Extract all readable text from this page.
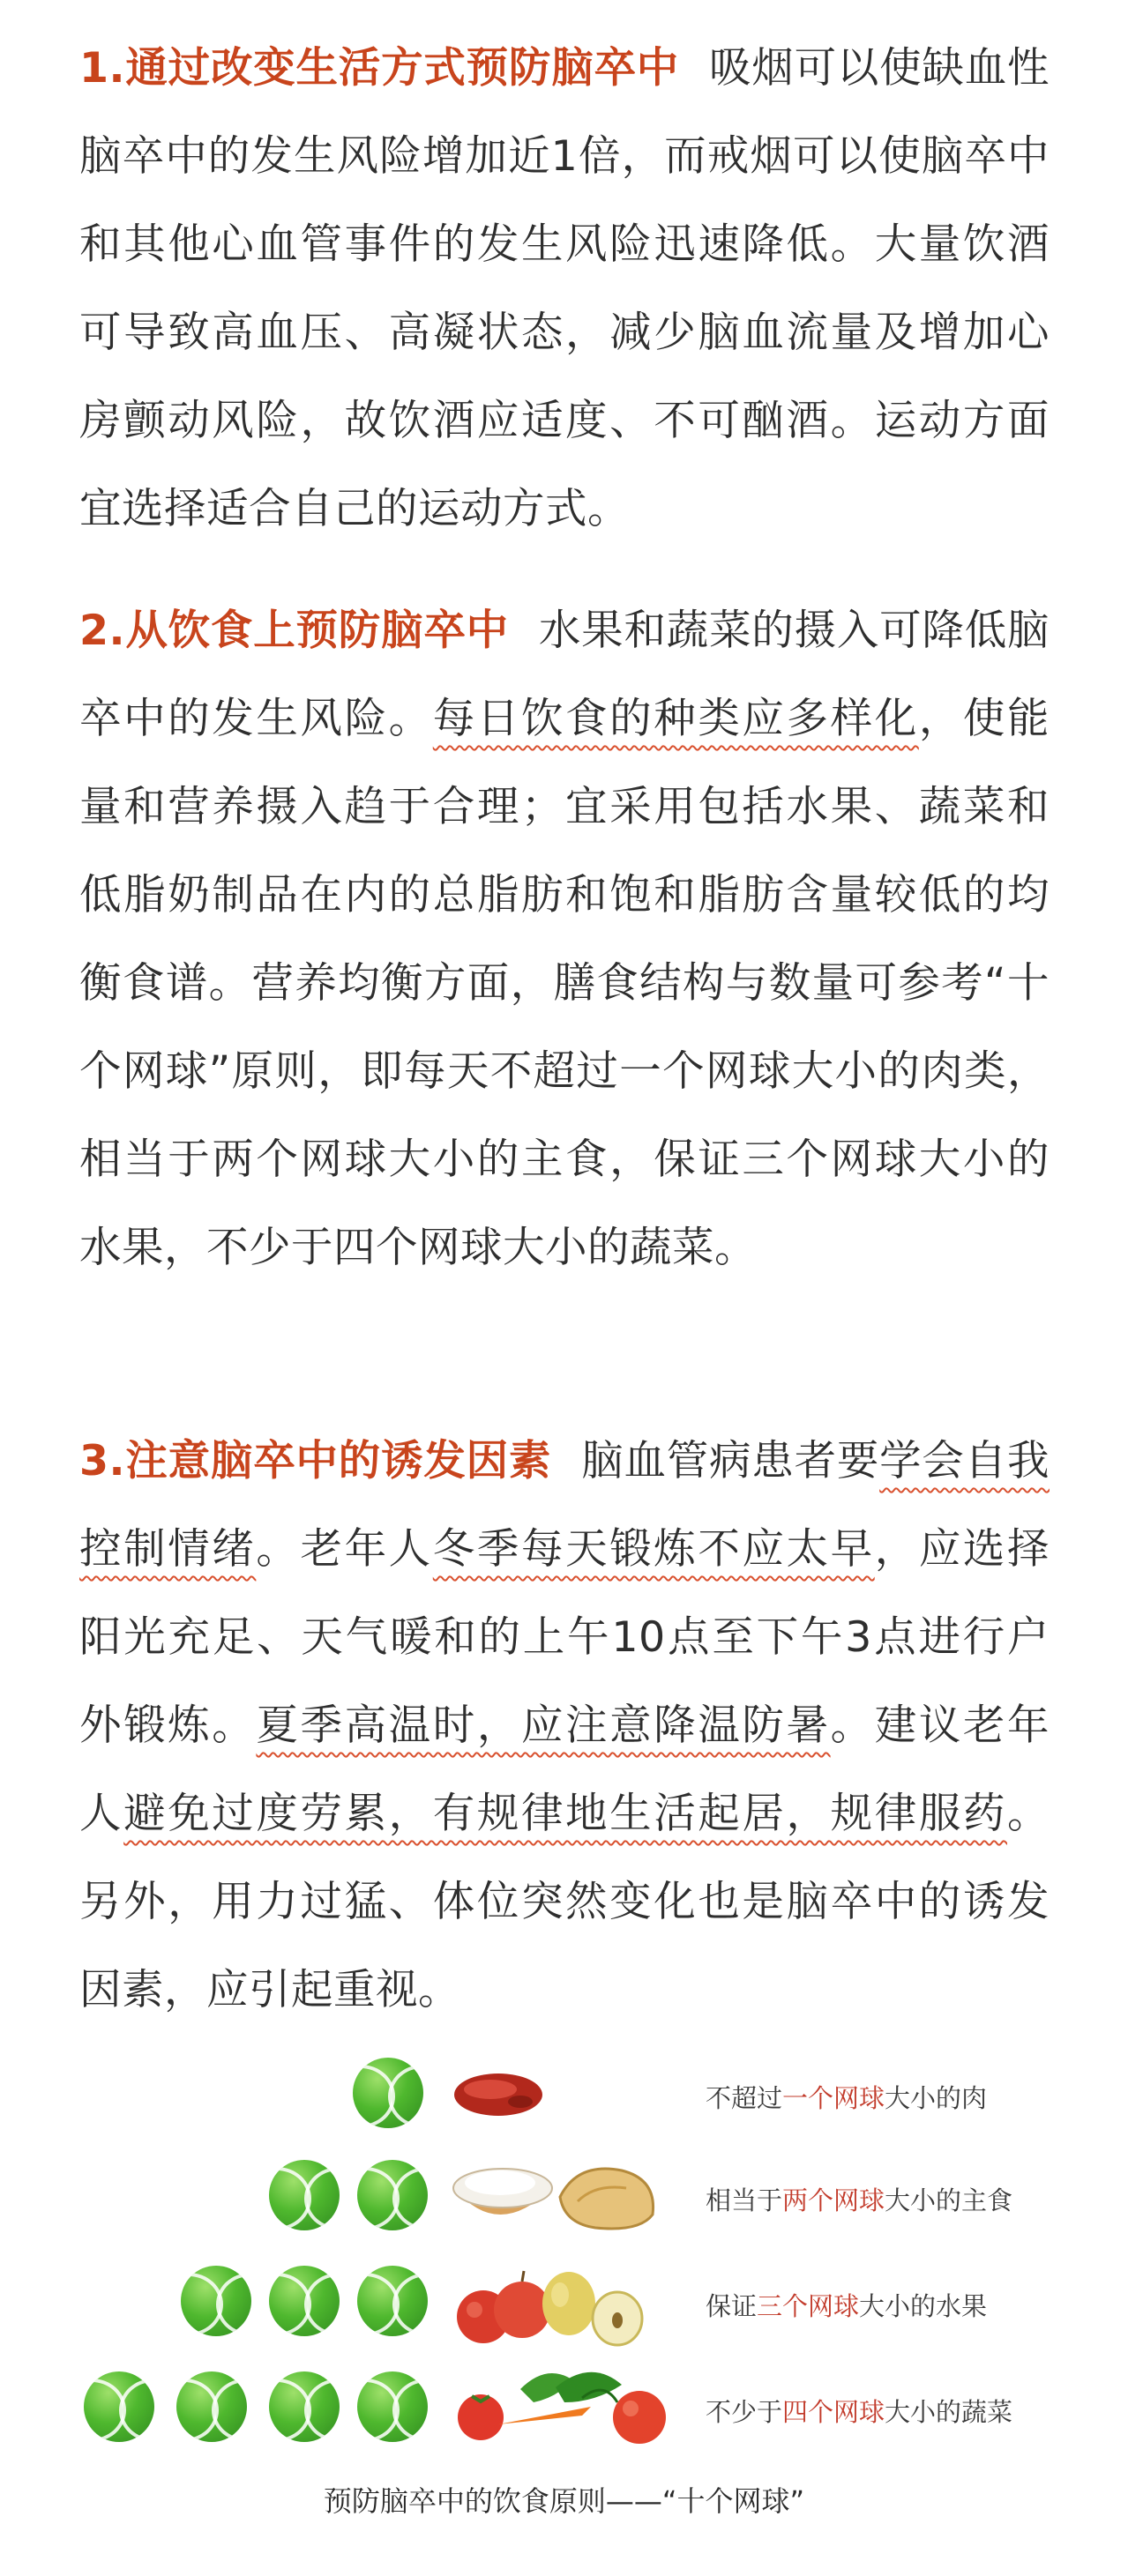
1.通过改变生活方式预防脑卒中 吸烟可以使缺血性脑卒中的发生风险增加近1倍，而戒烟可以使脑卒中和其他心血管事件的发生风险迅速降低。大量饮酒可导致高血压、高凝状态，减少脑血流量及增加心房颤动风险，故饮酒应适度、不可酗酒。运动方面宜选择适合自己的运动方式。

2.从饮食上预防脑卒中 水果和蔬菜的摄入可降低脑卒中的发生风险。每日饮食的种类应多样化，使能量和营养摄入趋于合理；宜采用包括水果、蔬菜和低脂奶制品在内的总脂肪和饱和脂肪含量较低的均衡食谱。营养均衡方面，膳食结构与数量可参考“十个网球”原则，即每天不超过一个网球大小的肉类，相当于两个网球大小的主食，保证三个网球大小的水果，不少于四个网球大小的蔬菜。

3.注意脑卒中的诱发因素 脑血管病患者要学会自我控制情绪。老年人冬季每天锻炼不应太早，应选择阳光充足、天气暖和的上午10点至下午3点进行户外锻炼。夏季高温时，应注意降温防暑。建议老年人避免过度劳累，有规律地生活起居，规律服药。另外，用力过猛、体位突然变化也是脑卒中的诱发因素，应引起重视。

不超过一个网球大小的肉
相当于两个网球大小的主食
保证三个网球大小的水果
不少于四个网球大小的蔬菜
预防脑卒中的饮食原则——“十个网球”
